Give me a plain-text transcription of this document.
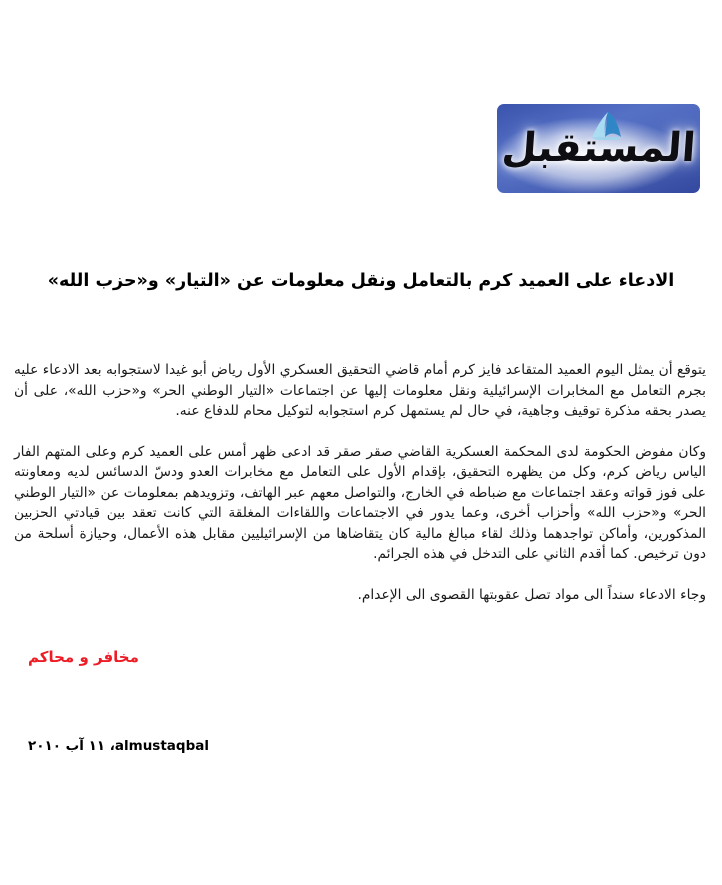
المستقبل
الادعاء على العميد كرم بالتعامل ونقل معلومات عن «التيار» و«حزب الله»

يتوقع أن يمثل اليوم العميد المتقاعد فايز كرم أمام قاضي التحقيق العسكري الأول رياض أبو غيدا لاستجوابه بعد الادعاء عليه بجرم التعامل مع المخابرات الإسرائيلية ونقل معلومات إليها عن اجتماعات «التيار الوطني الحر» و«حزب الله»، على أن يصدر بحقه مذكرة توقيف وجاهية، في حال لم يستمهل كرم استجوابه لتوكيل محام للدفاع عنه.

وكان مفوض الحكومة لدى المحكمة العسكرية القاضي صقر صقر قد ادعى ظهر أمس على العميد كرم وعلى المتهم الفار الياس رياض كرم، وكل من يظهره التحقيق، بإقدام الأول على التعامل مع مخابرات العدو ودسّ الدسائس لديه ومعاونته على فوز قواته وعقد اجتماعات مع ضباطه في الخارج، والتواصل معهم عبر الهاتف، وتزويدهم بمعلومات عن «التيار الوطني الحر» و«حزب الله» وأحزاب أخرى، وعما يدور في الاجتماعات واللقاءات المغلقة التي كانت تعقد بين قيادتي الحزبين المذكورين، وأماكن تواجدهما وذلك لقاء مبالغ مالية كان يتقاضاها من الإسرائيليين مقابل هذه الأعمال، وحيازة أسلحة من دون ترخيص. كما أقدم الثاني على التدخل في هذه الجرائم.

وجاء الادعاء سنداً الى مواد تصل عقوبتها القصوى الى الإعدام.

مخافر و محاكم
almustaqbal، ١١ آب ٢٠١٠
